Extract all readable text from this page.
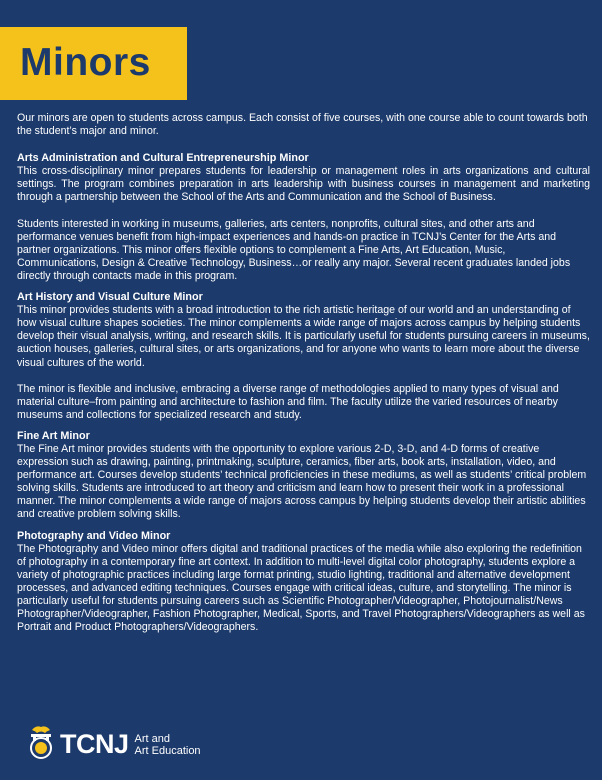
Minors

Our minors are open to students across campus. Each consist of five courses, with one course able to count towards both the student’s major and minor.

Arts Administration and Cultural Entrepreneurship Minor

This cross-disciplinary minor prepares students for leadership or management roles in arts organizations and cultural settings. The program combines preparation in arts leadership with business courses in management and marketing through a partnership between the School of the Arts and Communication and the School of Business.

Students interested in working in museums, galleries, arts centers, nonprofits, cultural sites, and other arts and performance venues benefit from high-impact experiences and hands-on practice in TCNJ’s Center for the Arts and partner organizations. This minor offers flexible options to complement a Fine Arts, Art Education, Music, Communications, Design & Creative Technology, Business…or really any major. Several recent graduates landed jobs directly through contacts made in this program.

Art History and Visual Culture Minor

This minor provides students with a broad introduction to the rich artistic heritage of our world and an understanding of how visual culture shapes societies. The minor complements a wide range of majors across campus by helping students develop their visual analysis, writing, and research skills. It is particularly useful for students pursuing careers in museums, auction houses, galleries, cultural sites, or arts organizations, and for anyone who wants to learn more about the diverse visual cultures of the world.

The minor is flexible and inclusive, embracing a diverse range of methodologies applied to many types of visual and material culture–from painting and architecture to fashion and film. The faculty utilize the varied resources of nearby museums and collections for specialized research and study.

Fine Art Minor

The Fine Art minor provides students with the opportunity to explore various 2-D, 3-D, and 4-D forms of creative expression such as drawing, painting, printmaking, sculpture, ceramics, fiber arts, book arts, installation, video, and performance art. Courses develop students’ technical proficiencies in these mediums, as well as students’ critical problem solving skills. Students are introduced to art theory and criticism and learn how to present their work in a professional manner. The minor complements a wide range of majors across campus by helping students develop their artistic abilities and creative problem solving skills.

Photography and Video Minor

The Photography and Video minor offers digital and traditional practices of the media while also exploring the redefinition of photography in a contemporary fine art context. In addition to multi-level digital color photography, students explore a variety of photographic practices including large format printing, studio lighting, traditional and alternative development processes, and advanced editing techniques. Courses engage with critical ideas, culture, and storytelling. The minor is particularly useful for students pursuing careers such as Scientific Photographer/Videographer, Photojournalist/News Photographer/Videographer, Fashion Photographer, Medical, Sports, and Travel Photographers/Videographers as well as Portrait and Product Photographers/Videographers.

TCNJ Art and
Art Education
